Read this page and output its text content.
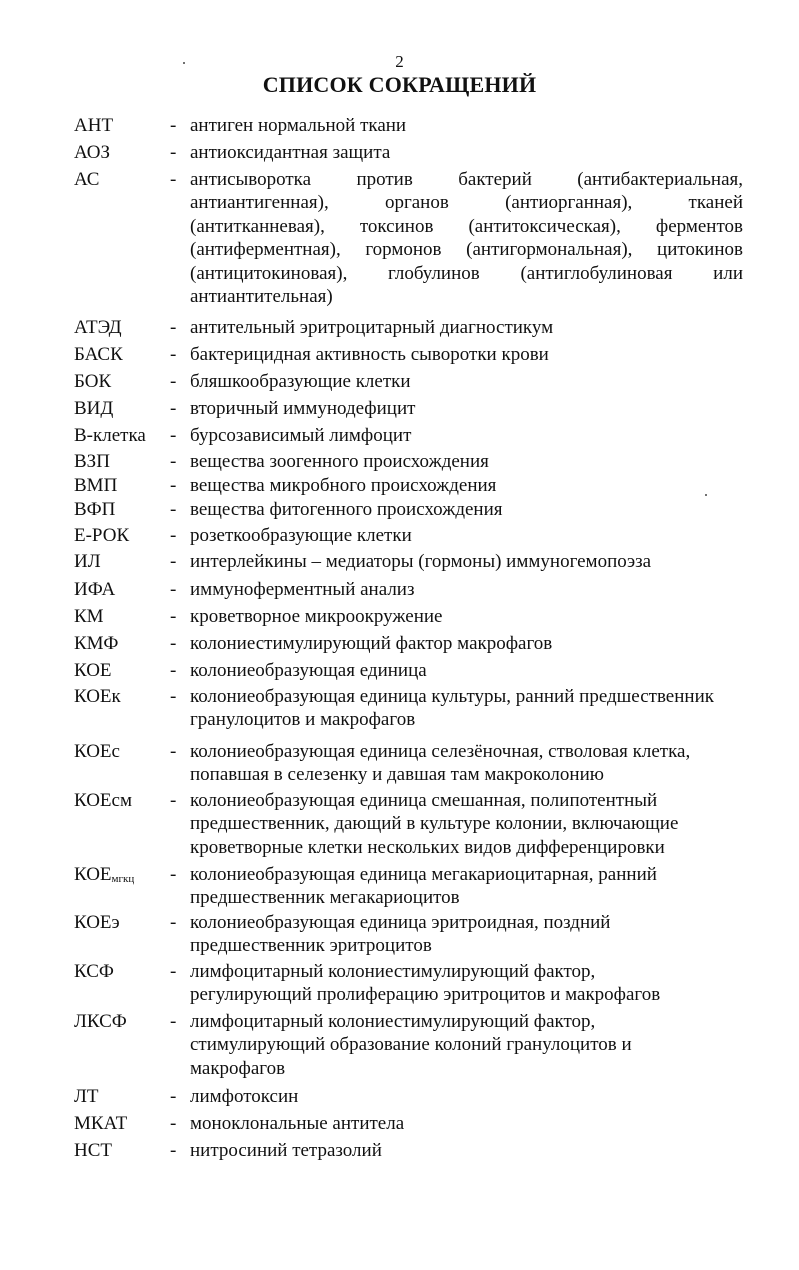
2
СПИСОК СОКРАЩЕНИЙ
АНТ	- антиген нормальной ткани
АОЗ	- антиоксидантная защита
АС	- антисыворотка против бактерий (антибактериальная,
антиантигенная), органов (антиорганная), тканей
(антитканневая), токсинов (антитоксическая), ферментов
(антиферментная), гормонов (антигормональная), цитокинов
(антицитокиновая), глобулинов (антиглобулиновая или
антиантительная)
АТЭД	- антительный эритроцитарный диагностикум
БАСК - бактерицидная активность сыворотки крови
БОК	- бляшкообразующие клетки
ВИД	- вторичный иммунодефицит
В-клетка - бурсозависимый лимфоцит
ВЗП	- вещества зоогенного происхождения
ВМП	- вещества микробного происхождения
ВФП	- вещества фитогенного происхождения
Е-РОК - розеткообразующие клетки
ИЛ	- интерлейкины – медиаторы (гормоны) иммуногемопоэза
ИФА	- иммуноферментный анализ
КМ	- кроветворное микроокружение
КМФ	- колониестимулирующий фактор макрофагов
КОЕ	- колониеобразующая единица
КОЕк	- колониеобразующая единица культуры, ранний предшественник
гранулоцитов и макрофагов
КОЕс	- колониеобразующая единица селезёночная, стволовая клетка,
попавшая в селезенку и давшая там макроколонию
КОЕсм - колониеобразующая единица смешанная, полипотентный
предшественник, дающий в культуре колонии, включающие
кроветворные клетки нескольких видов дифференцировки
$КОЕ_{мгкц}$ - колониеобразующая единица мегакариоцитарная, ранний
предшественник мегакариоцитов
КОЕэ	- колониеобразующая единица эритроидная, поздний
предшественник эритроцитов
КСФ	- лимфоцитарный колониестимулирующий фактор,
регулирующий пролиферацию эритроцитов и макрофагов
ЛКСФ - лимфоцитарный колониестимулирующий фактор,
стимулирующий образование колоний гранулоцитов и
макрофагов
ЛТ	- лимфотоксин
МКАТ - моноклональные антитела
НСТ	- нитросиний тетразолий
